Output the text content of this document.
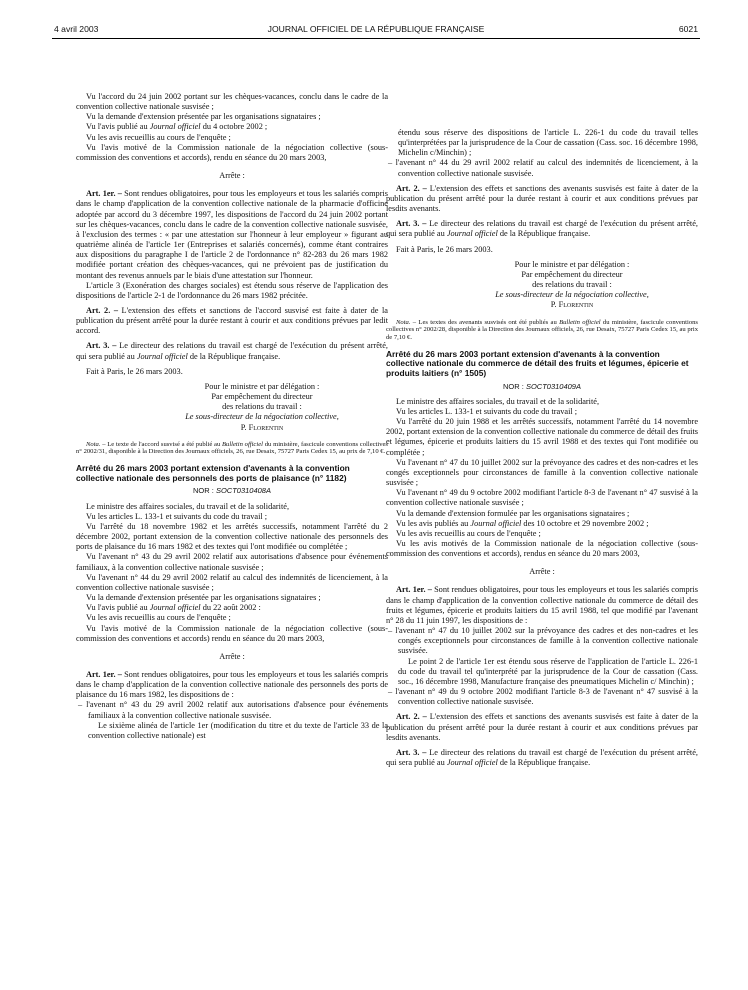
4 avril 2003	JOURNAL OFFICIEL DE LA RÉPUBLIQUE FRANÇAISE	6021

Vu l'accord du 24 juin 2002 portant sur les chèques-vacances, conclu dans le cadre de la convention collective nationale susvisée ;

Vu la demande d'extension présentée par les organisations signataires ;

Vu l'avis publié au Journal officiel du 4 octobre 2002 ;

Vu les avis recueillis au cours de l'enquête ;

Vu l'avis motivé de la Commission nationale de la négociation collective (sous-commission des conventions et accords), rendu en séance du 20 mars 2003,

Arrête :

Art. 1er. – Sont rendues obligatoires, pour tous les employeurs et tous les salariés compris dans le champ d'application de la convention collective nationale de la pharmacie d'officine adoptée par accord du 3 décembre 1997, les dispositions de l'accord du 24 juin 2002 portant sur les chèques-vacances, conclu dans le cadre de la convention collective nationale susvisée, à l'exclusion des termes : « par une attestation sur l'honneur à leur employeur » figurant au quatrième alinéa de l'article 1er (Entreprises et salariés concernés), comme étant contraires aux dispositions du paragraphe I de l'article 2 de l'ordonnance n° 82-283 du 26 mars 1982 modifiée portant création des chèques-vacances, qui ne prévoient pas de justification du montant des revenus annuels par le biais d'une attestation sur l'honneur.

L'article 3 (Exonération des charges sociales) est étendu sous réserve de l'application des dispositions de l'article 2-1 de l'ordonnance du 26 mars 1982 précitée.

Art. 2. – L'extension des effets et sanctions de l'accord susvisé est faite à dater de la publication du présent arrêté pour la durée restant à courir et aux conditions prévues par ledit accord.

Art. 3. – Le directeur des relations du travail est chargé de l'exécution du présent arrêté, qui sera publié au Journal officiel de la République française.

Fait à Paris, le 26 mars 2003.

Pour le ministre et par délégation :

Par empêchement du directeur

des relations du travail :

Le sous-directeur de la négociation collective,

P. Florentin

Nota. – Le texte de l'accord susvisé a été publié au Bulletin officiel du ministère, fascicule conventions collectives n° 2002/31, disponible à la Direction des Journaux officiels, 26, rue Desaix, 75727 Paris Cedex 15, au prix de 7,10 €.

Arrêté du 26 mars 2003 portant extension d'avenants à la convention collective nationale des personnels des ports de plaisance (n° 1182)

NOR : SOCT0310408A

Le ministre des affaires sociales, du travail et de la solidarité,

Vu les articles L. 133-1 et suivants du code du travail ;

Vu l'arrêté du 18 novembre 1982 et les arrêtés successifs, notamment l'arrêté du 2 décembre 2002, portant extension de la convention collective nationale des personnels des ports de plaisance du 16 mars 1982 et des textes qui l'ont modifiée ou complétée ;

Vu l'avenant n° 43 du 29 avril 2002 relatif aux autorisations d'absence pour événements familiaux, à la convention collective nationale susvisée ;

Vu l'avenant n° 44 du 29 avril 2002 relatif au calcul des indemnités de licenciement, à la convention collective nationale susvisée ;

Vu la demande d'extension présentée par les organisations signataires ;

Vu l'avis publié au Journal officiel du 22 août 2002 :

Vu les avis recueillis au cours de l'enquête ;

Vu l'avis motivé de la Commission nationale de la négociation collective (sous-commission des conventions et accords) rendu en séance du 20 mars 2003,

Arrête :

Art. 1er. – Sont rendues obligatoires, pour tous les employeurs et tous les salariés compris dans le champ d'application de la convention collective nationale des personnels des ports de plaisance du 16 mars 1982, les dispositions de :

– l'avenant n° 43 du 29 avril 2002 relatif aux autorisations d'absence pour événements familiaux à la convention collective nationale susvisée.

Le sixième alinéa de l'article 1er (modification du titre et du texte de l'article 33 de la convention collective nationale) est

étendu sous réserve des dispositions de l'article L. 226-1 du code du travail telles qu'interprétées par la jurisprudence de la Cour de cassation (Cass. soc. 16 décembre 1998, Michelin c/Minchin) ;

– l'avenant n° 44 du 29 avril 2002 relatif au calcul des indemnités de licenciement, à la convention collective nationale susvisée.

Art. 2. – L'extension des effets et sanctions des avenants susvisés est faite à dater de la publication du présent arrêté pour la durée restant à courir et aux conditions prévues par lesdits avenants.

Art. 3. – Le directeur des relations du travail est chargé de l'exécution du présent arrêté, qui sera publié au Journal officiel de la République française.

Fait à Paris, le 26 mars 2003.

Pour le ministre et par délégation :

Par empêchement du directeur

des relations du travail :

Le sous-directeur de la négociation collective,

P. Florentin

Nota. – Les textes des avenants susvisés ont été publiés au Bulletin officiel du ministère, fascicule conventions collectives n° 2002/28, disponible à la Direction des Journaux officiels, 26, rue Desaix, 75727 Paris Cedex 15, au prix de 7,10 €.

Arrêté du 26 mars 2003 portant extension d'avenants à la convention collective nationale du commerce de détail des fruits et légumes, épicerie et produits laitiers (n° 1505)

NOR : SOCT0310409A

Le ministre des affaires sociales, du travail et de la solidarité,

Vu les articles L. 133-1 et suivants du code du travail ;

Vu l'arrêté du 20 juin 1988 et les arrêtés successifs, notamment l'arrêté du 14 novembre 2002, portant extension de la convention collective nationale du commerce de détail des fruits et légumes, épicerie et produits laitiers du 15 avril 1988 et des textes qui l'ont modifiée ou complétée ;

Vu l'avenant n° 47 du 10 juillet 2002 sur la prévoyance des cadres et des non-cadres et les congés exceptionnels pour circonstances de famille à la convention collective nationale susvisée ;

Vu l'avenant n° 49 du 9 octobre 2002 modifiant l'article 8-3 de l'avenant n° 47 susvisé à la convention collective nationale susvisée ;

Vu la demande d'extension formulée par les organisations signataires ;

Vu les avis publiés au Journal officiel des 10 octobre et 29 novembre 2002 ;

Vu les avis recueillis au cours de l'enquête ;

Vu les avis motivés de la Commission nationale de la négociation collective (sous-commission des conventions et accords), rendus en séance du 20 mars 2003,

Arrête :

Art. 1er. – Sont rendues obligatoires, pour tous les employeurs et tous les salariés compris dans le champ d'application de la convention collective nationale du commerce de détail des fruits et légumes, épicerie et produits laitiers du 15 avril 1988, tel que modifié par l'avenant n° 28 du 11 juin 1997, les dispositions de :

– l'avenant n° 47 du 10 juillet 2002 sur la prévoyance des cadres et des non-cadres et les congés exceptionnels pour circonstances de famille à la convention collective nationale susvisée.

Le point 2 de l'article 1er est étendu sous réserve de l'application de l'article L. 226-1 du code du travail tel qu'interprété par la jurisprudence de la Cour de cassation (Cass. soc., 16 décembre 1998, Manufacture française des pneumatiques Michelin c/ Minchin) ;

– l'avenant n° 49 du 9 octobre 2002 modifiant l'article 8-3 de l'avenant n° 47 susvisé à la convention collective nationale susvisée.

Art. 2. – L'extension des effets et sanctions des avenants susvisés est faite à dater de la publication du présent arrêté pour la durée restant à courir et aux conditions prévues par lesdits avenants.

Art. 3. – Le directeur des relations du travail est chargé de l'exécution du présent arrêté, qui sera publié au Journal officiel de la République française.
